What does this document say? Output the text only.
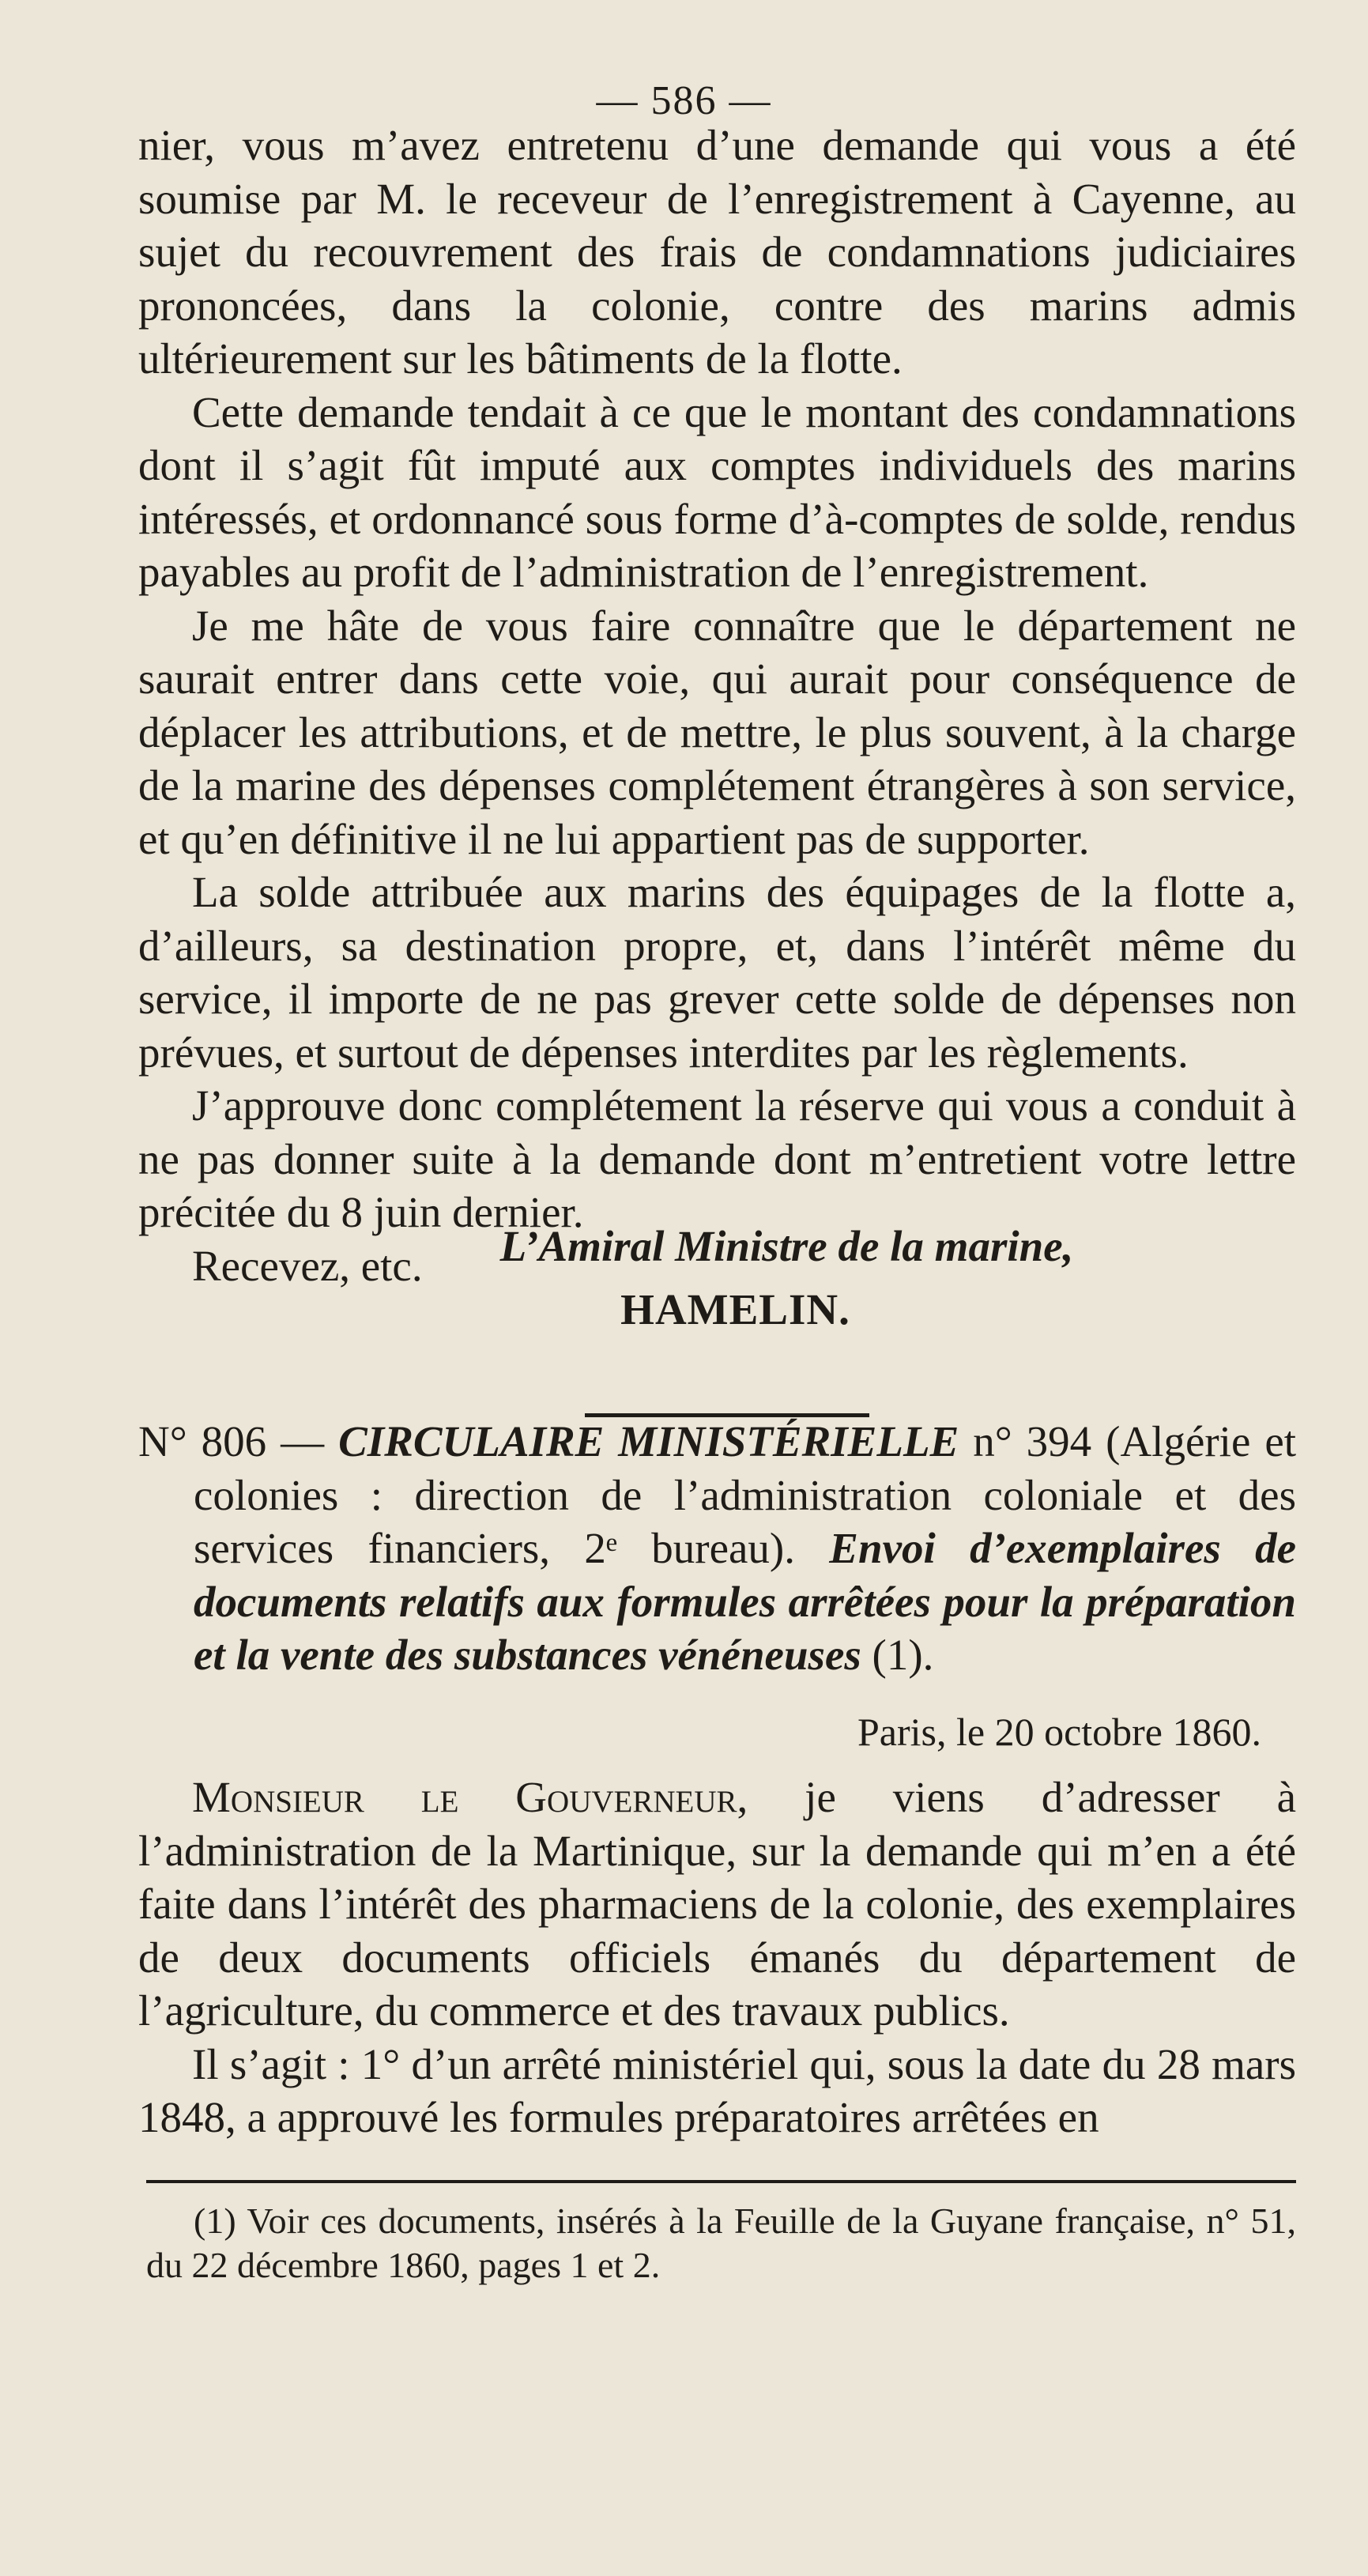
— 586 —

nier, vous m’avez entretenu d’une demande qui vous a été soumise par M. le receveur de l’enregistrement à Cayenne, au sujet du recouvrement des frais de condamnations judiciaires prononcées, dans la colonie, contre des marins admis ultérieurement sur les bâtiments de la flotte.

Cette demande tendait à ce que le montant des condamnations dont il s’agit fût imputé aux comptes individuels des marins intéressés, et ordonnancé sous forme d’à-comptes de solde, rendus payables au profit de l’administration de l’enregistrement.

Je me hâte de vous faire connaître que le département ne saurait entrer dans cette voie, qui aurait pour conséquence de déplacer les attributions, et de mettre, le plus souvent, à la charge de la marine des dépenses complétement étrangères à son service, et qu’en définitive il ne lui appartient pas de supporter.

La solde attribuée aux marins des équipages de la flotte a, d’ailleurs, sa destination propre, et, dans l’intérêt même du service, il importe de ne pas grever cette solde de dépenses non prévues, et surtout de dépenses interdites par les règlements.

J’approuve donc complétement la réserve qui vous a conduit à ne pas donner suite à la demande dont m’entretient votre lettre précitée du 8 juin dernier.

Recevez, etc.	L’Amiral Ministre de la marine,
HAMELIN.
N° 806 — CIRCULAIRE MINISTÉRIELLE n° 394 (Algérie et colonies : direction de l’administration coloniale et des services financiers, 2ᵉ bureau). Envoi d’exemplaires de documents relatifs aux formules arrêtées pour la préparation et la vente des substances vénéneuses (1).
Paris, le 20 octobre 1860.

Monsieur le Gouverneur, je viens d’adresser à l’administration de la Martinique, sur la demande qui m’en a été faite dans l’intérêt des pharmaciens de la colonie, des exemplaires de deux documents officiels émanés du département de l’agriculture, du commerce et des travaux publics.

Il s’agit : 1° d’un arrêté ministériel qui, sous la date du 28 mars 1848, a approuvé les formules préparatoires arrêtées en

(1) Voir ces documents, insérés à la Feuille de la Guyane française, n° 51, du 22 décembre 1860, pages 1 et 2.
